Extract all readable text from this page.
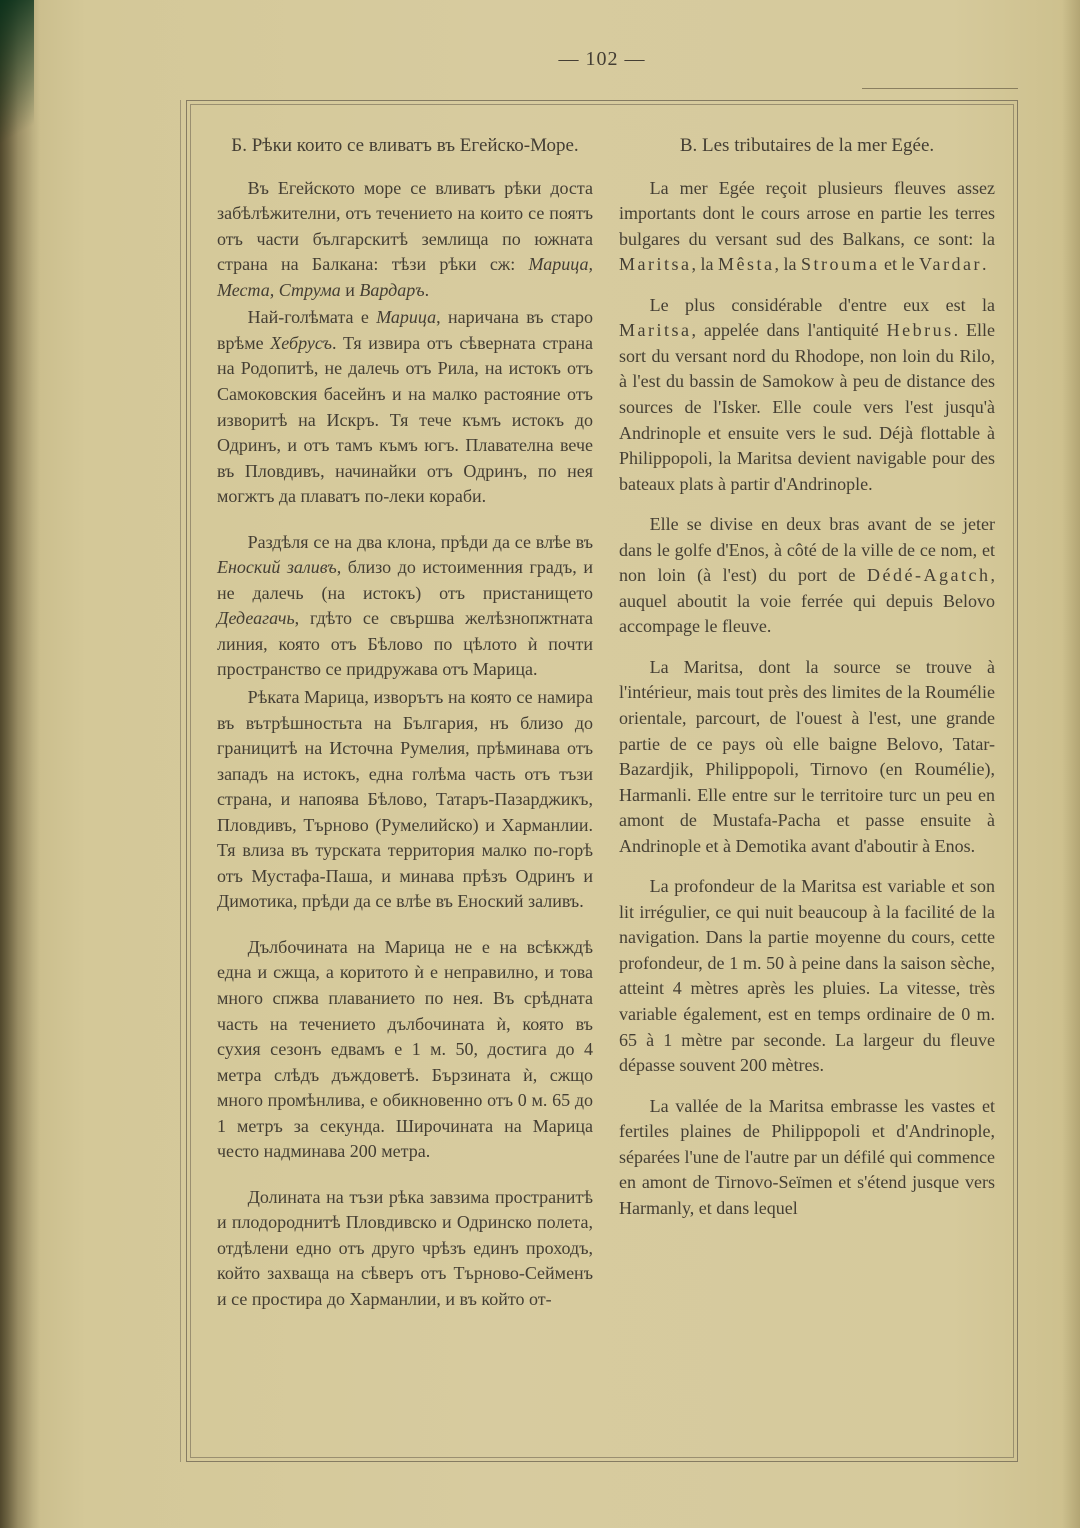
— 102 —
Б. Рѣки които се вливатъ въ Егейско-Море.

Въ Егейското море се вливатъ рѣки доста забѣлѣжителни, отъ течението на които се поятъ отъ части българскитѣ землища по южната страна на Балкана: тѣзи рѣки сж: Марица, Места, Струма и Вардаръ.

Най-голѣмата е Марица, наричана въ старо врѣме Хебрусъ. Тя извира отъ сѣверната страна на Родопитѣ, не далечь отъ Рила, на истокъ отъ Самоковския басейнъ и на малко растояние отъ изворитѣ на Искръ. Тя тече къмъ истокъ до Одринъ, и отъ тамъ къмъ югъ. Плавателна вече въ Пловдивъ, начинайки отъ Одринъ, по нея могжтъ да плаватъ по-леки кораби.

Раздѣля се на два клона, прѣди да се влѣе въ Еноский заливъ, близо до истоименния градъ, и не далечь (на истокъ) отъ пристанището Дедеагачь, гдѣто се свършва желѣзнопжтната линия, която отъ Бѣлово по цѣлото ѝ почти пространство се придружава отъ Марица.

Рѣката Марица, изворътъ на която се намира въ вътрѣшностьта на България, нъ близо до границитѣ на Источна Румелия, прѣминава отъ западъ на истокъ, една голѣма часть отъ тъзи страна, и напоява Бѣлово, Татаръ-Пазарджикъ, Пловдивъ, Търново (Румелийско) и Харманлии. Тя влиза въ турската территория малко по-горѣ отъ Мустафа-Паша, и минава прѣзъ Одринъ и Димотика, прѣди да се влѣе въ Еноский заливъ.

Дълбочината на Марица не е на всѣкждѣ една и сжща, а коритото ѝ е неправилно, и това много спжва плаванието по нея. Въ срѣдната часть на течението дълбочината ѝ, която въ сухия сезонъ едвамъ е 1 м. 50, достига до 4 метра слѣдъ дъждоветѣ. Бързината ѝ, сжщо много промѣнлива, е обикновенно отъ 0 м. 65 до 1 метръ за секунда. Широчината на Марица често надминава 200 метра.

Долината на тъзи рѣка завзима пространитѣ и плодороднитѣ Пловдивско и Одринско полета, отдѣлени едно отъ друго чрѣзъ единъ проходъ, който захваща на сѣверъ отъ Търново-Сейменъ и се простира до Харманлии, и въ който от-

B. Les tributaires de la mer Egée.

La mer Egée reçoit plusieurs fleuves assez importants dont le cours arrose en partie les terres bulgares du versant sud des Balkans, ce sont: la Maritsa, la Mêsta, la Strouma et le Vardar.

Le plus considérable d'entre eux est la Maritsa, appelée dans l'antiquité Hebrus. Elle sort du versant nord du Rhodope, non loin du Rilo, à l'est du bassin de Samokow à peu de distance des sources de l'Isker. Elle coule vers l'est jusqu'à Andrinople et ensuite vers le sud. Déjà flottable à Philippopoli, la Maritsa devient navigable pour des bateaux plats à partir d'Andrinople.

Elle se divise en deux bras avant de se jeter dans le golfe d'Enos, à côté de la ville de ce nom, et non loin (à l'est) du port de Dédé-Agatch, auquel aboutit la voie ferrée qui depuis Belovo accompage le fleuve.

La Maritsa, dont la source se trouve à l'intérieur, mais tout près des limites de la Roumélie orientale, parcourt, de l'ouest à l'est, une grande partie de ce pays où elle baigne Belovo, Tatar-Bazardjik, Philippopoli, Tirnovo (en Roumélie), Harmanli. Elle entre sur le territoire turc un peu en amont de Mustafa-Pacha et passe ensuite à Andrinople et à Demotika avant d'aboutir à Enos.

La profondeur de la Maritsa est variable et son lit irrégulier, ce qui nuit beaucoup à la facilité de la navigation. Dans la partie moyenne du cours, cette profondeur, de 1 m. 50 à peine dans la saison sèche, atteint 4 mètres après les pluies. La vitesse, très variable également, est en temps ordinaire de 0 m. 65 à 1 mètre par seconde. La largeur du fleuve dépasse souvent 200 mètres.

La vallée de la Maritsa embrasse les vastes et fertiles plaines de Philippopoli et d'Andrinople, séparées l'une de l'autre par un défilé qui commence en amont de Tirnovo-Seïmen et s'étend jusque vers Harmanly, et dans lequel
